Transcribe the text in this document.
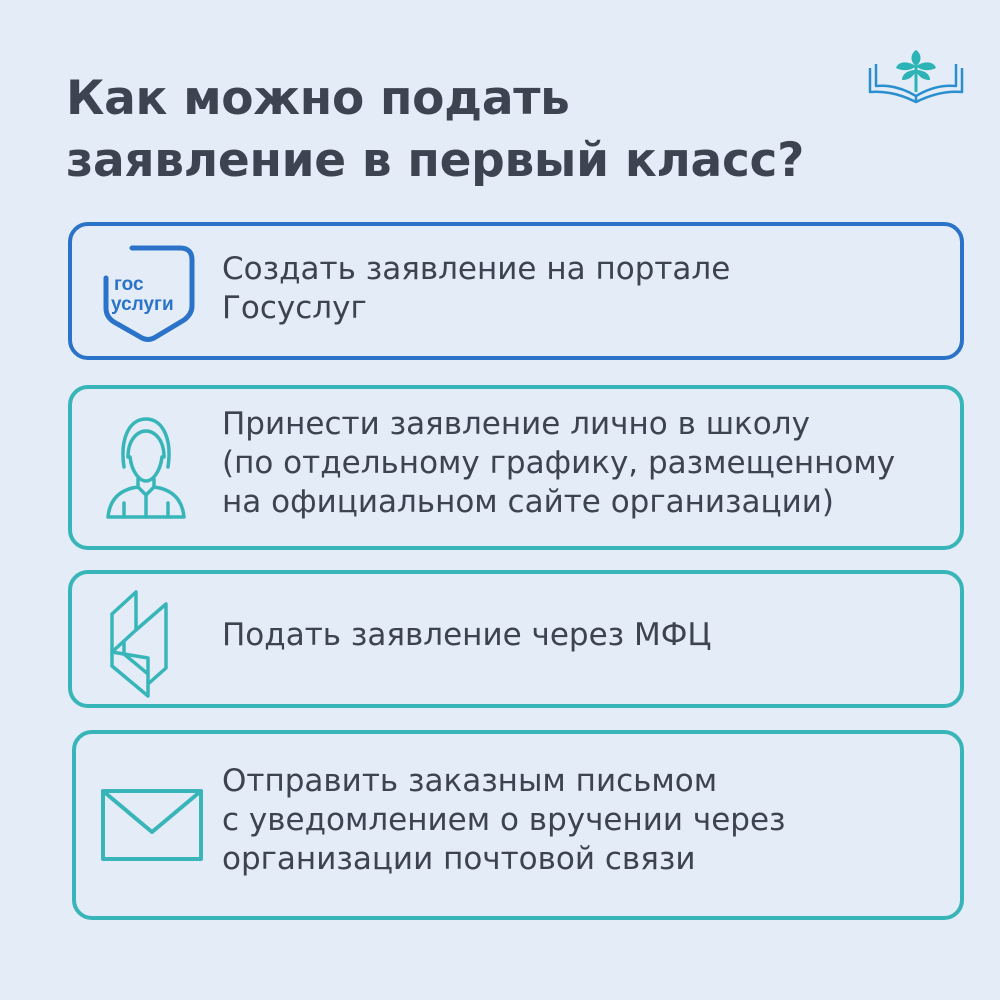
Как можно подать
заявление в первый класс?
гос
услуги
Создать заявление на портале
Госуслуг
Принести заявление лично в школу
(по отдельному графику, размещенному
на официальном сайте организации)
Подать заявление через МФЦ
Отправить заказным письмом
с уведомлением о вручении через
организации почтовой связи
